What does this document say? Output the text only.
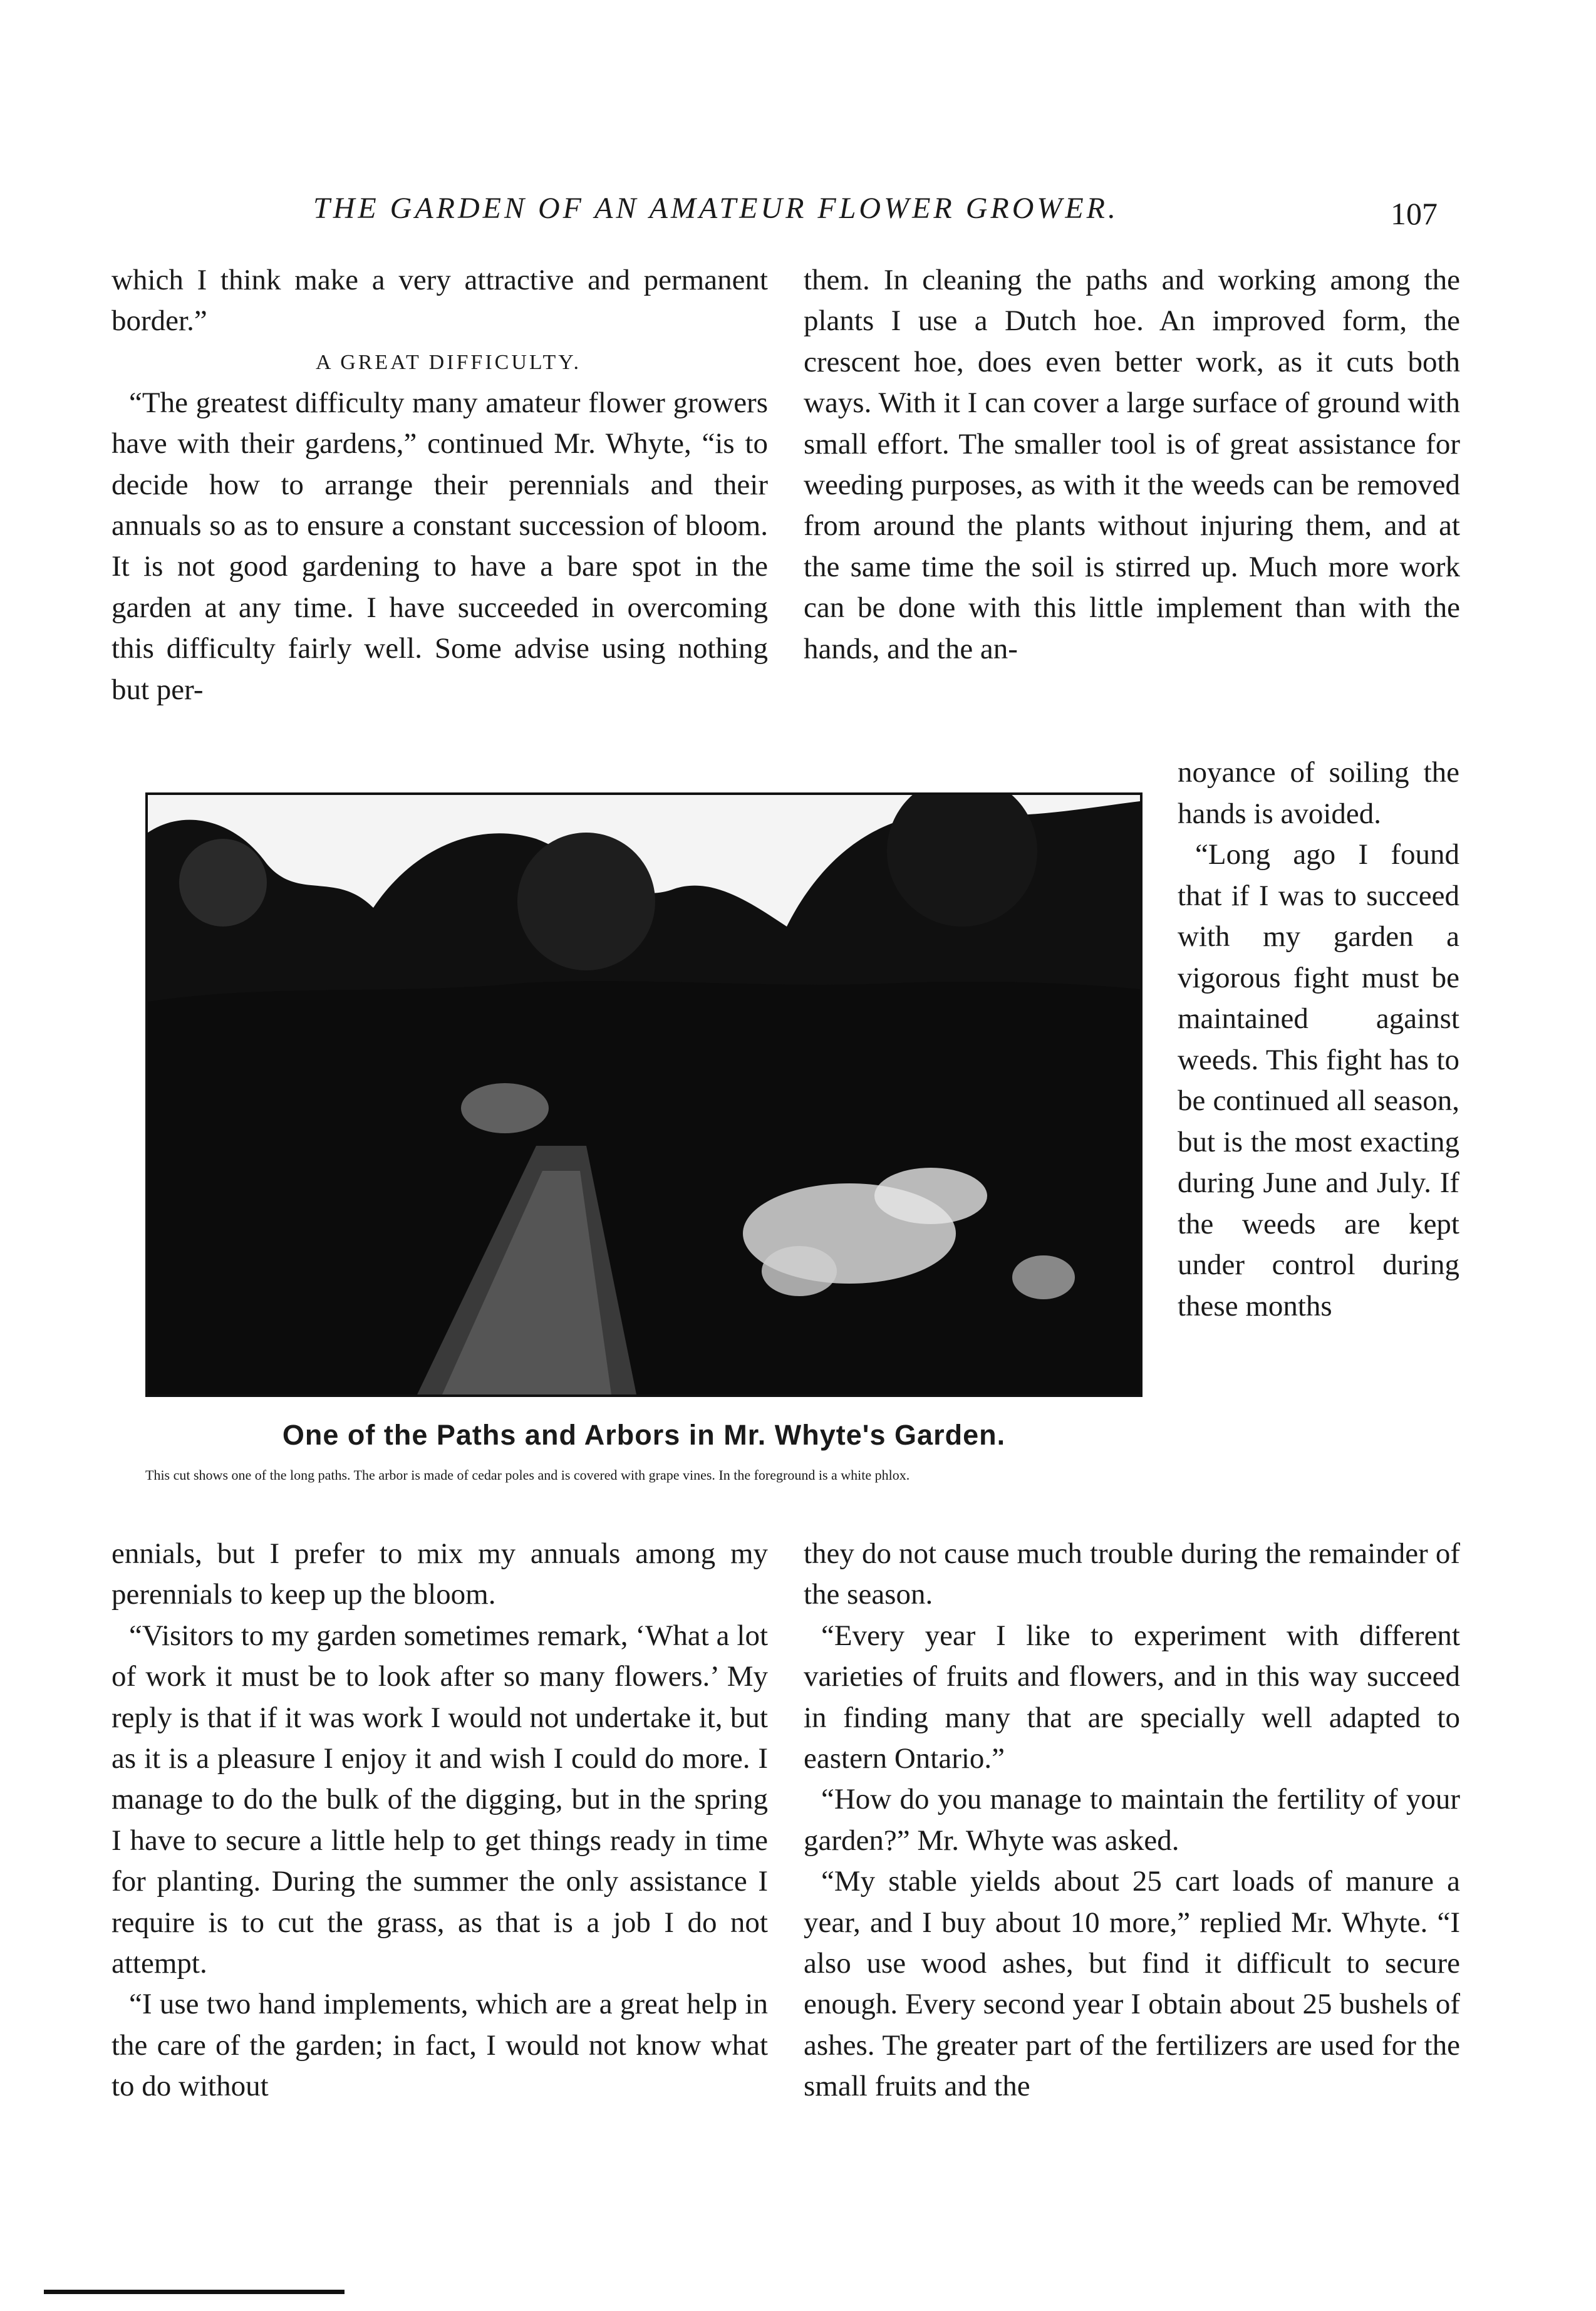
THE GARDEN OF AN AMATEUR FLOWER GROWER.	107

which I think make a very attractive and permanent border.”

A GREAT DIFFICULTY.

“The greatest difficulty many amateur flower growers have with their gardens,” continued Mr. Whyte, “is to decide how to arrange their perennials and their annuals so as to ensure a constant succession of bloom. It is not good gardening to have a bare spot in the garden at any time. I have succeeded in overcoming this difficulty fairly well. Some advise using nothing but per-

them. In cleaning the paths and working among the plants I use a Dutch hoe. An improved form, the crescent hoe, does even better work, as it cuts both ways. With it I can cover a large surface of ground with small effort. The smaller tool is of great assistance for weeding purposes, as with it the weeds can be removed from around the plants without injuring them, and at the same time the soil is stirred up. Much more work can be done with this little implement than with the hands, and the an-

noyance of soiling the hands is avoided.

“Long ago I found that if I was to succeed with my garden a vigorous fight must be maintained against weeds. This fight has to be continued all season, but is the most exacting during June and July. If the weeds are kept under control during these months

One of the Paths and Arbors in Mr. Whyte's Garden.
This cut shows one of the long paths. The arbor is made of cedar poles and is covered with grape vines. In the foreground is a white phlox.

ennials, but I prefer to mix my annuals among my perennials to keep up the bloom.

“Visitors to my garden sometimes remark, ‘What a lot of work it must be to look after so many flowers.’ My reply is that if it was work I would not undertake it, but as it is a pleasure I enjoy it and wish I could do more. I manage to do the bulk of the digging, but in the spring I have to secure a little help to get things ready in time for planting. During the summer the only assistance I require is to cut the grass, as that is a job I do not attempt.

“I use two hand implements, which are a great help in the care of the garden; in fact, I would not know what to do without

they do not cause much trouble during the remainder of the season.

“Every year I like to experiment with different varieties of fruits and flowers, and in this way succeed in finding many that are specially well adapted to eastern Ontario.”

“How do you manage to maintain the fertility of your garden?” Mr. Whyte was asked.

“My stable yields about 25 cart loads of manure a year, and I buy about 10 more,” replied Mr. Whyte. “I also use wood ashes, but find it difficult to secure enough. Every second year I obtain about 25 bushels of ashes. The greater part of the fertilizers are used for the small fruits and the
